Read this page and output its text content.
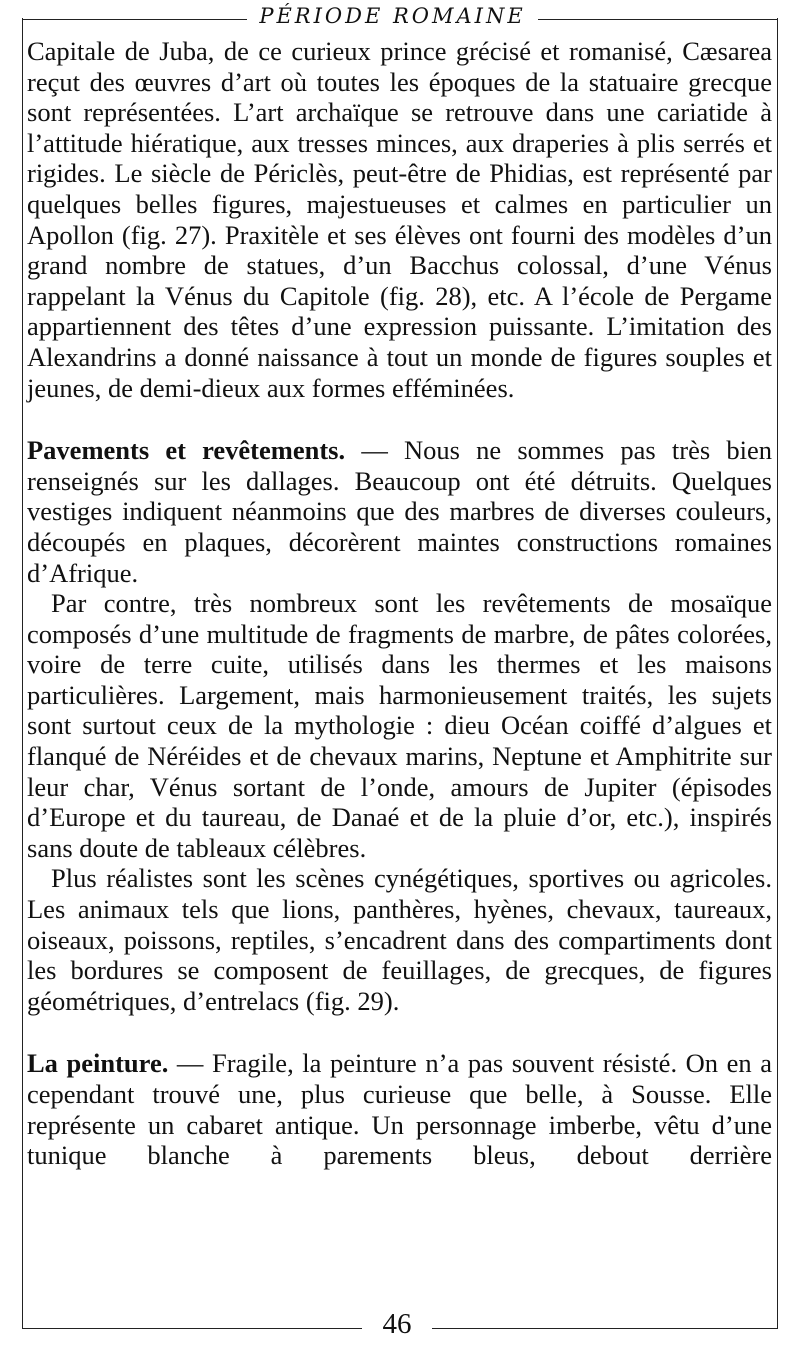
PÉRIODE ROMAINE

Capitale de Juba, de ce curieux prince grécisé et romanisé, Cæsarea reçut des œuvres d’art où toutes les époques de la statuaire grecque sont représentées. L’art archaïque se retrouve dans une cariatide à l’attitude hiératique, aux tresses minces, aux draperies à plis serrés et rigides. Le siècle de Périclès, peut-être de Phidias, est représenté par quelques belles figures, majestueuses et calmes en particulier un Apollon (fig. 27). Praxitèle et ses élèves ont fourni des modèles d’un grand nombre de statues, d’un Bacchus colossal, d’une Vénus rappelant la Vénus du Capitole (fig. 28), etc. A l’école de Pergame appartiennent des têtes d’une expression puissante. L’imitation des Alexandrins a donné naissance à tout un monde de figures souples et jeunes, de demi-dieux aux formes efféminées.

Pavements et revêtements. — Nous ne sommes pas très bien renseignés sur les dallages. Beaucoup ont été détruits. Quelques vestiges indiquent néanmoins que des marbres de diverses couleurs, découpés en plaques, décorèrent maintes constructions romaines d’Afrique.

Par contre, très nombreux sont les revêtements de mosaïque composés d’une multitude de fragments de marbre, de pâtes colorées, voire de terre cuite, utilisés dans les thermes et les maisons particulières. Largement, mais harmonieusement traités, les sujets sont surtout ceux de la mythologie : dieu Océan coiffé d’algues et flanqué de Néréides et de chevaux marins, Neptune et Amphitrite sur leur char, Vénus sortant de l’onde, amours de Jupiter (épisodes d’Europe et du taureau, de Danaé et de la pluie d’or, etc.), inspirés sans doute de tableaux célèbres.

Plus réalistes sont les scènes cynégétiques, sportives ou agricoles. Les animaux tels que lions, panthères, hyènes, chevaux, taureaux, oiseaux, poissons, reptiles, s’encadrent dans des compartiments dont les bordures se composent de feuillages, de grecques, de figures géométriques, d’entrelacs (fig. 29).

La peinture. — Fragile, la peinture n’a pas souvent résisté. On en a cependant trouvé une, plus curieuse que belle, à Sousse. Elle représente un cabaret antique. Un personnage imberbe, vêtu d’une tunique blanche à parements bleus, debout derrière

46
